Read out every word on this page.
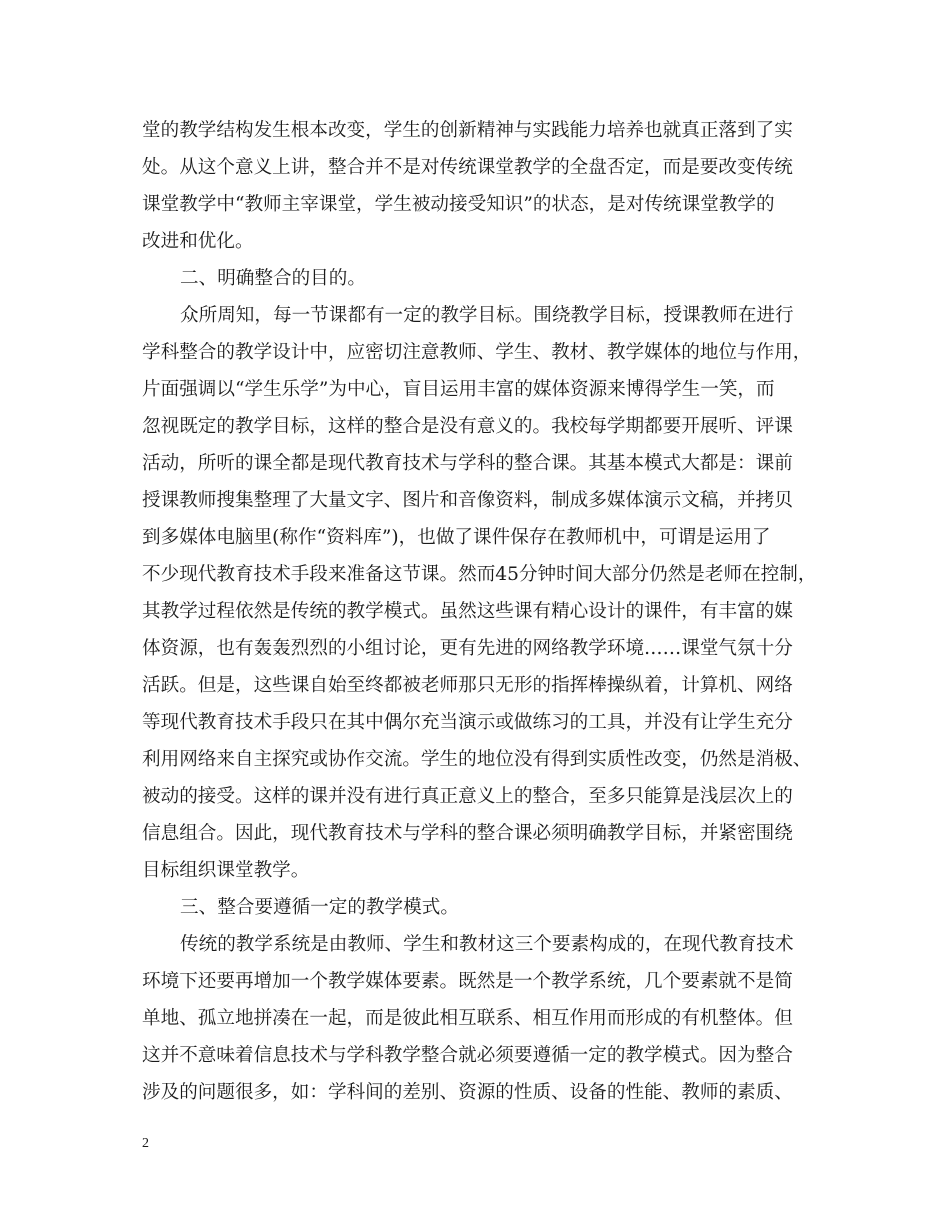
堂的教学结构发生根本改变，学生的创新精神与实践能力培养也就真正落到了实
处。从这个意义上讲，整合并不是对传统课堂教学的全盘否定，而是要改变传统
课堂教学中“教师主宰课堂，学生被动接受知识”的状态，是对传统课堂教学的
改进和优化。
二、明确整合的目的。
众所周知，每一节课都有一定的教学目标。围绕教学目标，授课教师在进行
学科整合的教学设计中，应密切注意教师、学生、教材、教学媒体的地位与作用，
片面强调以“学生乐学”为中心，盲目运用丰富的媒体资源来博得学生一笑，而
忽视既定的教学目标，这样的整合是没有意义的。我校每学期都要开展听、评课
活动，所听的课全都是现代教育技术与学科的整合课。其基本模式大都是：课前
授课教师搜集整理了大量文字、图片和音像资料，制成多媒体演示文稿，并拷贝
到多媒体电脑里(称作“资料库”)，也做了课件保存在教师机中，可谓是运用了
不少现代教育技术手段来准备这节课。然而45分钟时间大部分仍然是老师在控制，
其教学过程依然是传统的教学模式。虽然这些课有精心设计的课件，有丰富的媒
体资源，也有轰轰烈烈的小组讨论，更有先进的网络教学环境……课堂气氛十分
活跃。但是，这些课自始至终都被老师那只无形的指挥棒操纵着，计算机、网络
等现代教育技术手段只在其中偶尔充当演示或做练习的工具，并没有让学生充分
利用网络来自主探究或协作交流。学生的地位没有得到实质性改变，仍然是消极、
被动的接受。这样的课并没有进行真正意义上的整合，至多只能算是浅层次上的
信息组合。因此，现代教育技术与学科的整合课必须明确教学目标，并紧密围绕
目标组织课堂教学。
三、整合要遵循一定的教学模式。
传统的教学系统是由教师、学生和教材这三个要素构成的，在现代教育技术
环境下还要再增加一个教学媒体要素。既然是一个教学系统，几个要素就不是简
单地、孤立地拼凑在一起，而是彼此相互联系、相互作用而形成的有机整体。但
这并不意味着信息技术与学科教学整合就必须要遵循一定的教学模式。因为整合
涉及的问题很多，如：学科间的差别、资源的性质、设备的性能、教师的素质、
2
